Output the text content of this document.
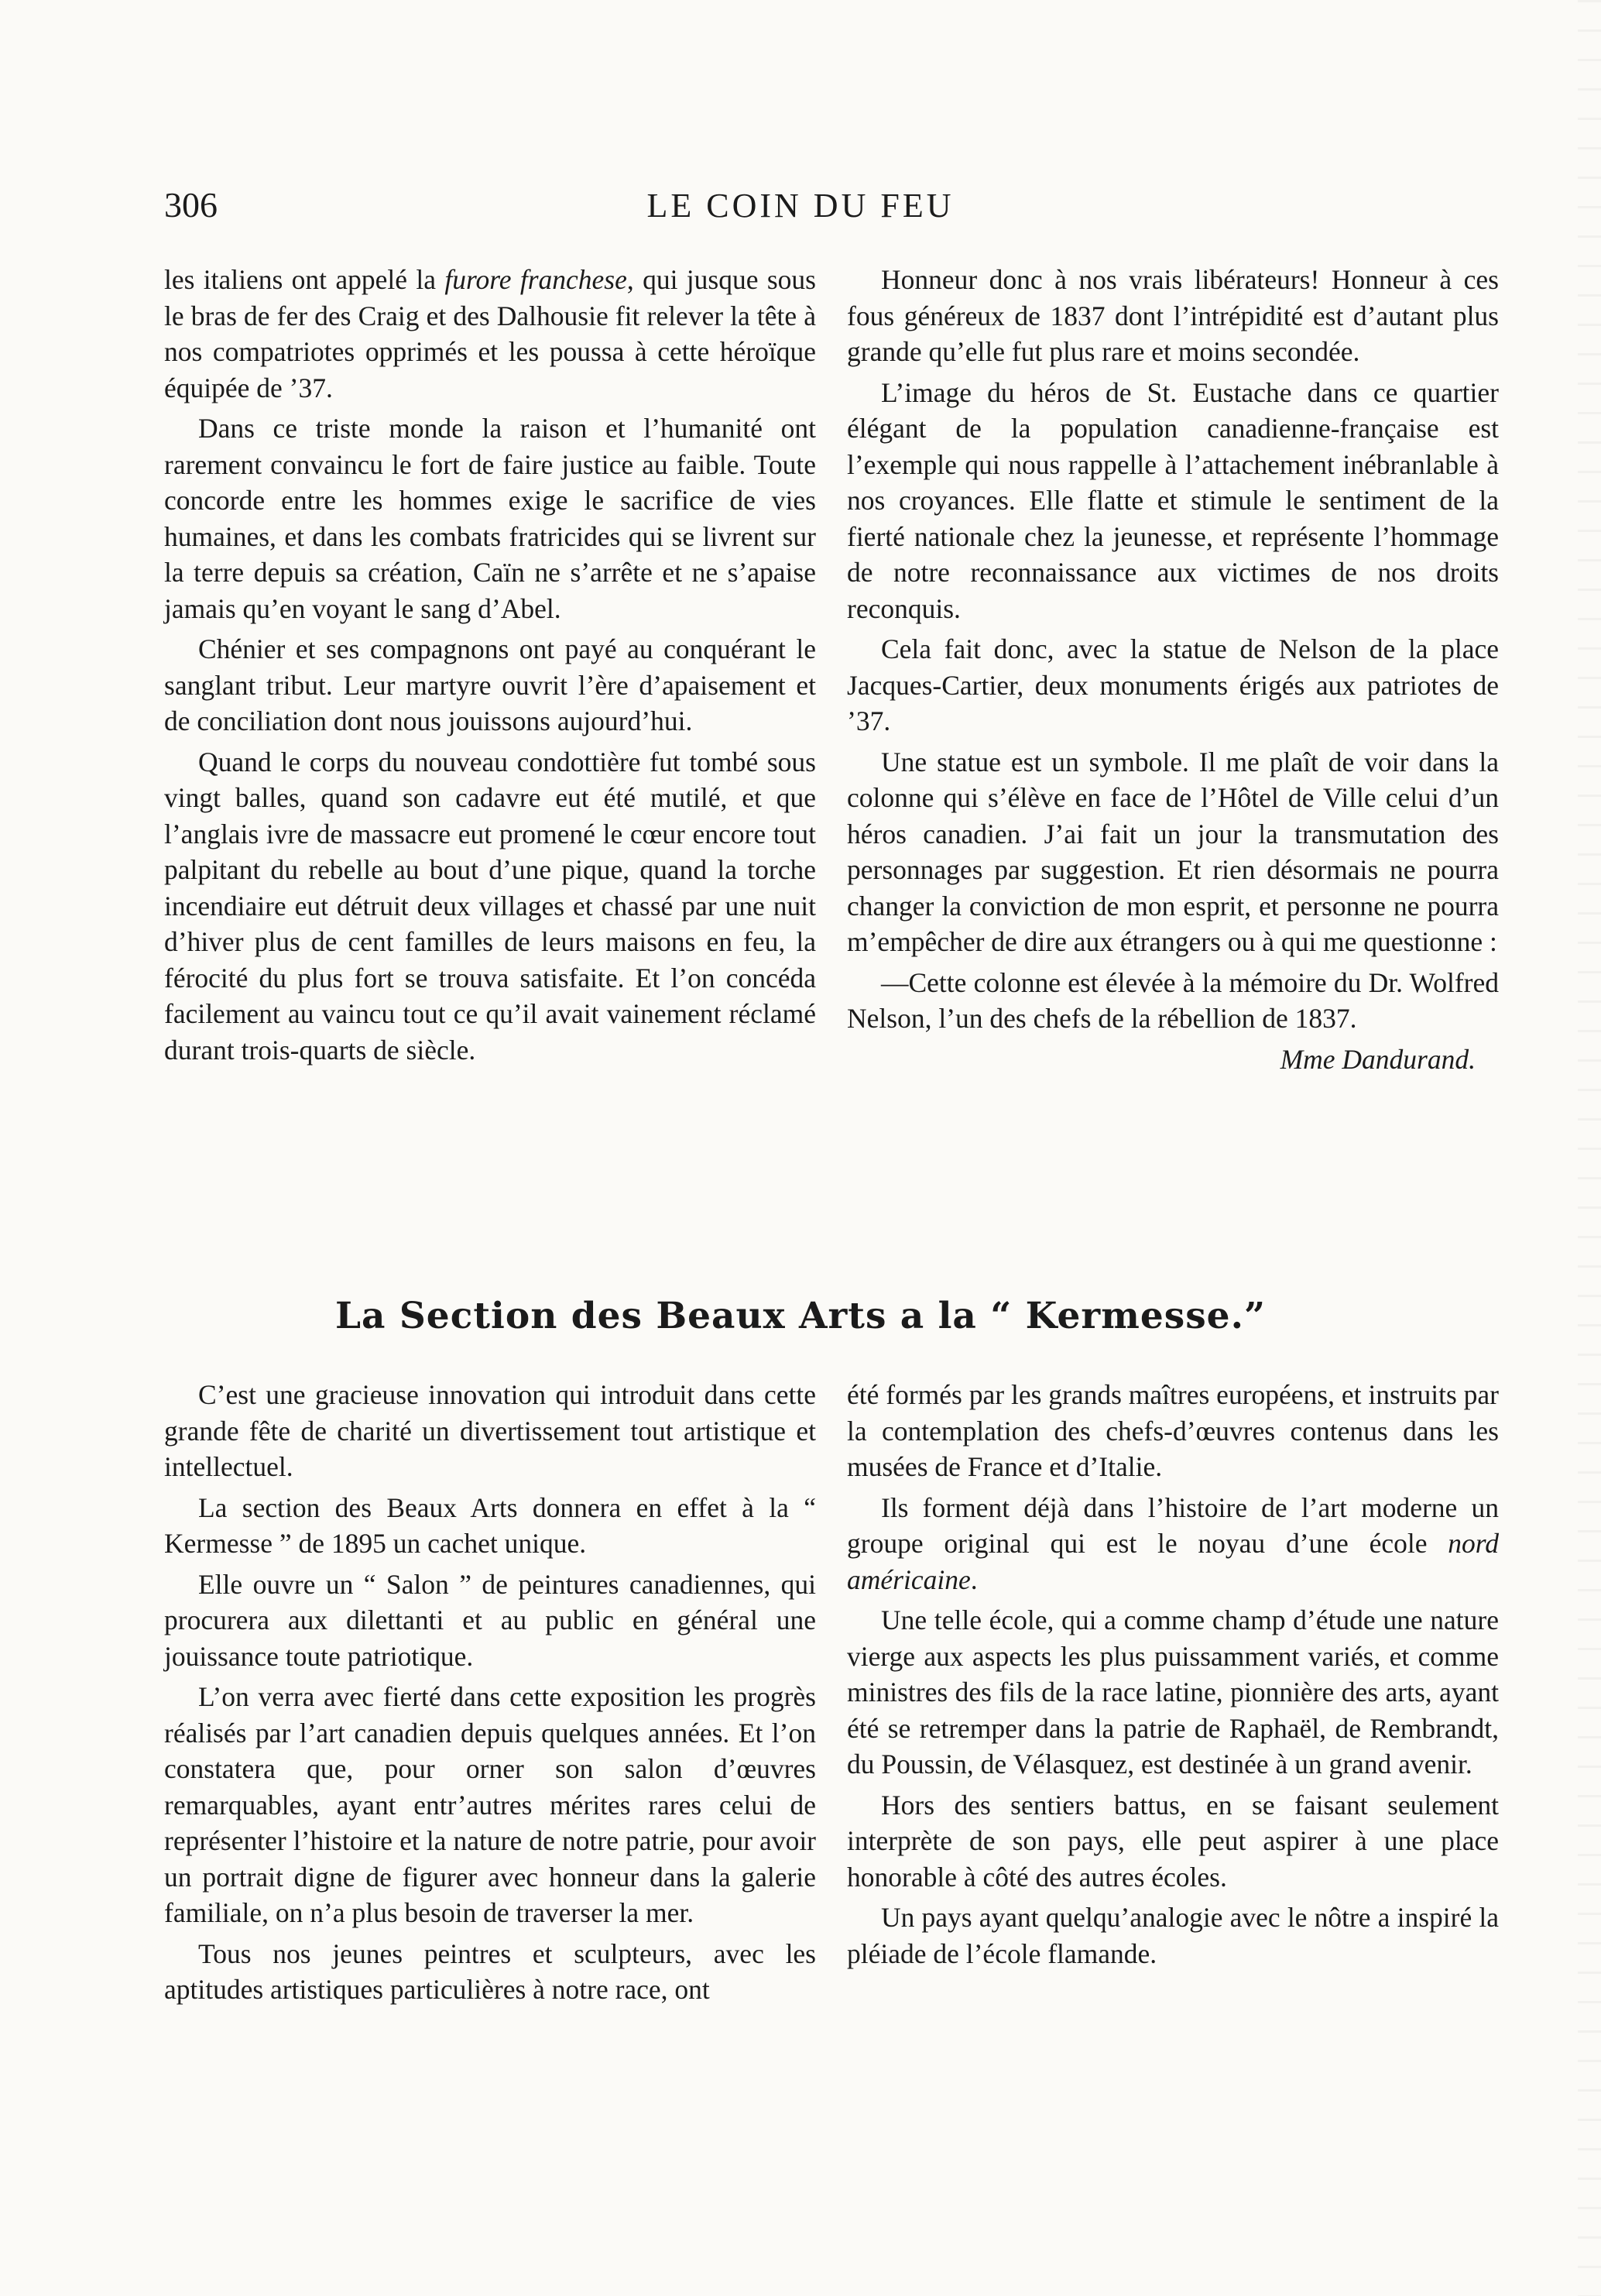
306	LE COIN DU FEU

les italiens ont appelé la furore franchese, qui jusque sous le bras de fer des Craig et des Dalhousie fit relever la tête à nos compatriotes opprimés et les poussa à cette héroïque équipée de ’37.

Dans ce triste monde la raison et l’humanité ont rarement convaincu le fort de faire justice au faible. Toute concorde entre les hommes exige le sacrifice de vies humaines, et dans les combats fratricides qui se livrent sur la terre depuis sa création, Caïn ne s’arrête et ne s’apaise jamais qu’en voyant le sang d’Abel.

Chénier et ses compagnons ont payé au conquérant le sanglant tribut. Leur martyre ouvrit l’ère d’apaisement et de conciliation dont nous jouissons aujourd’hui.

Quand le corps du nouveau condottière fut tombé sous vingt balles, quand son cadavre eut été mutilé, et que l’anglais ivre de massacre eut promené le cœur encore tout palpitant du rebelle au bout d’une pique, quand la torche incendiaire eut détruit deux villages et chassé par une nuit d’hiver plus de cent familles de leurs maisons en feu, la férocité du plus fort se trouva satisfaite. Et l’on concéda facilement au vaincu tout ce qu’il avait vainement réclamé durant trois-quarts de siècle.

Honneur donc à nos vrais libérateurs! Honneur à ces fous généreux de 1837 dont l’intrépidité est d’autant plus grande qu’elle fut plus rare et moins secondée.

L’image du héros de St. Eustache dans ce quartier élégant de la population canadienne-française est l’exemple qui nous rappelle à l’attachement inébranlable à nos croyances. Elle flatte et stimule le sentiment de la fierté nationale chez la jeunesse, et représente l’hommage de notre reconnaissance aux victimes de nos droits reconquis.

Cela fait donc, avec la statue de Nelson de la place Jacques-Cartier, deux monuments érigés aux patriotes de ’37.

Une statue est un symbole. Il me plaît de voir dans la colonne qui s’élève en face de l’Hôtel de Ville celui d’un héros canadien. J’ai fait un jour la transmutation des personnages par suggestion. Et rien désormais ne pourra changer la conviction de mon esprit, et personne ne pourra m’empêcher de dire aux étrangers ou à qui me questionne :

—Cette colonne est élevée à la mémoire du Dr. Wolfred Nelson, l’un des chefs de la rébellion de 1837.

Mme Dandurand.
La Section des Beaux Arts a la “ Kermesse.”

C’est une gracieuse innovation qui introduit dans cette grande fête de charité un divertissement tout artistique et intellectuel.

La section des Beaux Arts donnera en effet à la “ Kermesse ” de 1895 un cachet unique.

Elle ouvre un “ Salon ” de peintures canadiennes, qui procurera aux dilettanti et au public en général une jouissance toute patriotique.

L’on verra avec fierté dans cette exposition les progrès réalisés par l’art canadien depuis quelques années. Et l’on constatera que, pour orner son salon d’œuvres remarquables, ayant entr’autres mérites rares celui de représenter l’histoire et la nature de notre patrie, pour avoir un portrait digne de figurer avec honneur dans la galerie familiale, on n’a plus besoin de traverser la mer.

Tous nos jeunes peintres et sculpteurs, avec les aptitudes artistiques particulières à notre race, ont

été formés par les grands maîtres européens, et instruits par la contemplation des chefs-d’œuvres contenus dans les musées de France et d’Italie.

Ils forment déjà dans l’histoire de l’art moderne un groupe original qui est le noyau d’une école nord américaine.

Une telle école, qui a comme champ d’étude une nature vierge aux aspects les plus puissamment variés, et comme ministres des fils de la race latine, pionnière des arts, ayant été se retremper dans la patrie de Raphaël, de Rembrandt, du Poussin, de Vélasquez, est destinée à un grand avenir.

Hors des sentiers battus, en se faisant seulement interprète de son pays, elle peut aspirer à une place honorable à côté des autres écoles.

Un pays ayant quelqu’analogie avec le nôtre a inspiré la pléiade de l’école flamande.
